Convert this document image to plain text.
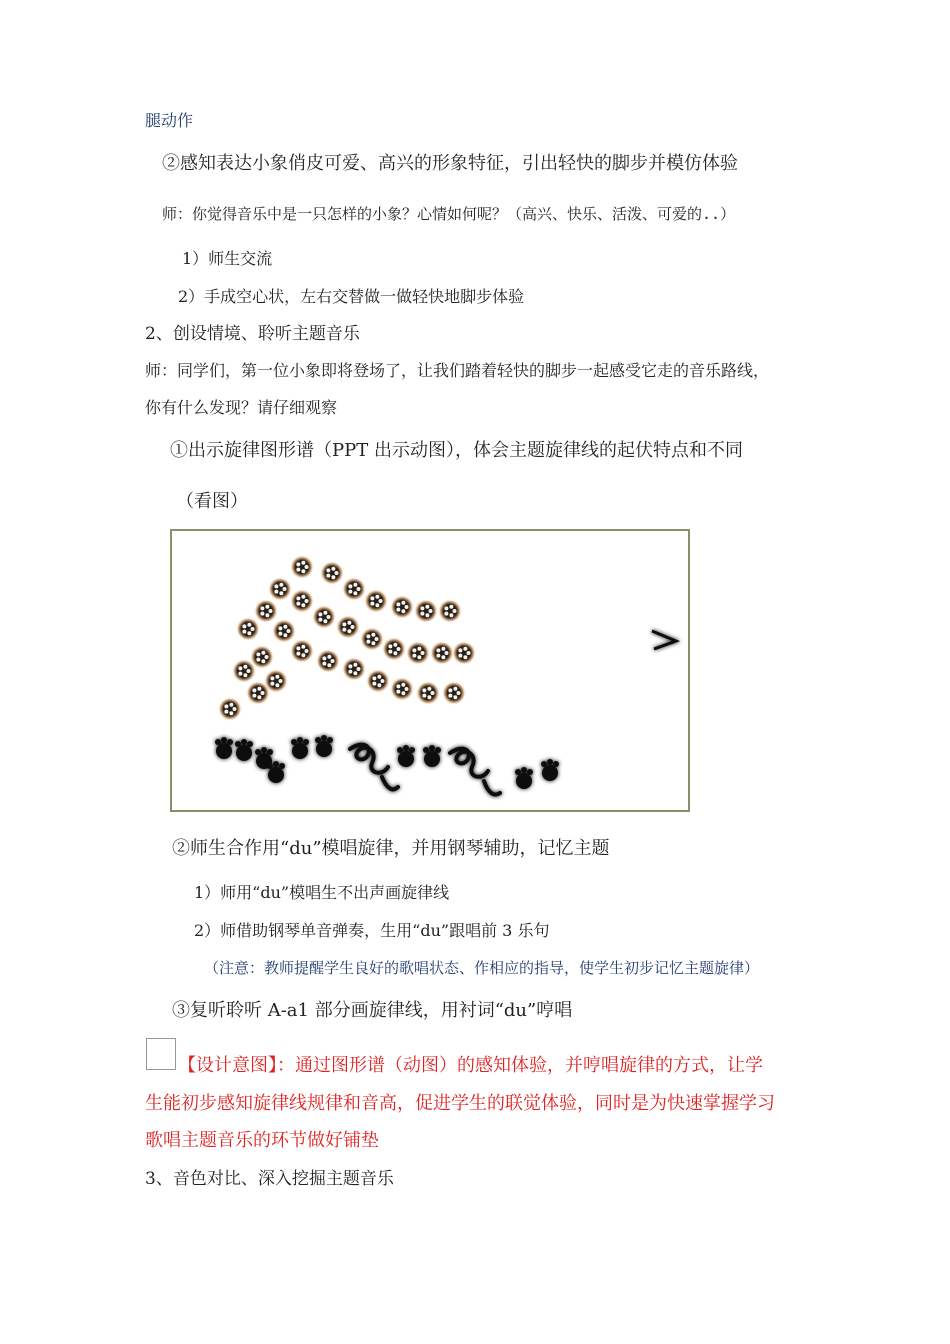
腿动作
②感知表达小象俏皮可爱、高兴的形象特征，引出轻快的脚步并模仿体验
师：你觉得音乐中是一只怎样的小象？心情如何呢？（高兴、快乐、活泼、可爱的..）
1）师生交流
2）手成空心状，左右交替做一做轻快地脚步体验
2、创设情境、聆听主题音乐
师：同学们，第一位小象即将登场了，让我们踏着轻快的脚步一起感受它走的音乐路线，
你有什么发现？请仔细观察
①出示旋律图形谱（PPT 出示动图），体会主题旋律线的起伏特点和不同
（看图）
②师生合作用“du”模唱旋律，并用钢琴辅助，记忆主题
1）师用“du”模唱生不出声画旋律线
2）师借助钢琴单音弹奏，生用“du”跟唱前 3 乐句
（注意：教师提醒学生良好的歌唱状态、作相应的指导，使学生初步记忆主题旋律）
③复听聆听 A-a1 部分画旋律线，用衬词“du”哼唱
【设计意图】：通过图形谱（动图）的感知体验，并哼唱旋律的方式，让学
生能初步感知旋律线规律和音高，促进学生的联觉体验，同时是为快速掌握学习
歌唱主题音乐的环节做好铺垫
3、音色对比、深入挖掘主题音乐
